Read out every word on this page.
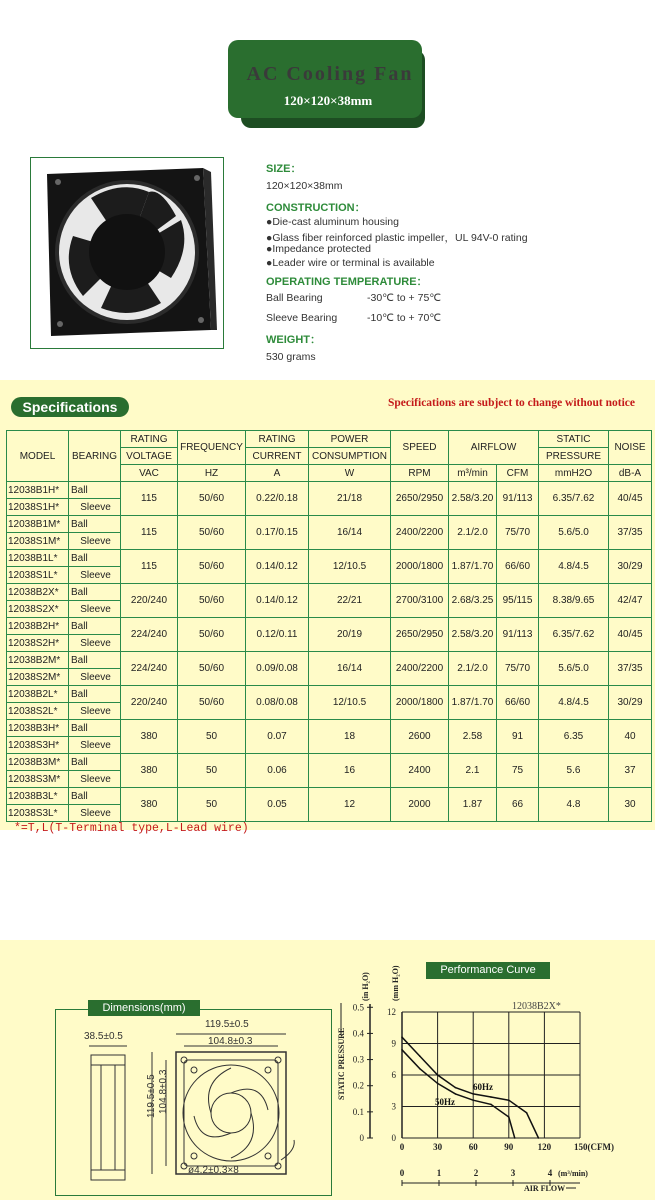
AC Cooling Fan
120×120×38mm
SIZE：
120×120×38mm
CONSTRUCTION：
●Die-cast aluminum housing
●Glass fiber reinforced plastic impeller，UL 94V-0 rating
●Impedance protected
●Leader wire or terminal is available
OPERATING TEMPERATURE：
Ball Bearing	-30℃ to + 75℃
Sleeve Bearing	-10℃ to + 70℃
WEIGHT：
530 grams
Specifications	Specifications are subject to change without notice
MODEL	BEARING	RATING	FREQUENCY	RATING	POWER	SPEED	AIRFLOW		STATIC	NOISE
		VOLTAGE		CURRENT	CONSUMPTION				PRESSURE	
		VAC	HZ	A	W	RPM	m³/min	CFM	mmH2O	dB-A
12038B1H*	Ball	115	50/60	0.22/0.18	21/18	2650/2950	2.58/3.20	91/113	6.35/7.62	40/45
12038S1H*	Sleeve									
12038B1M*	Ball	115	50/60	0.17/0.15	16/14	2400/2200	2.1/2.0	75/70	5.6/5.0	37/35
12038S1M*	Sleeve									
12038B1L*	Ball	115	50/60	0.14/0.12	12/10.5	2000/1800	1.87/1.70	66/60	4.8/4.5	30/29
12038S1L*	Sleeve									
12038B2X*	Ball	220/240	50/60	0.14/0.12	22/21	2700/3100	2.68/3.25	95/115	8.38/9.65	42/47
12038S2X*	Sleeve									
12038B2H*	Ball	224/240	50/60	0.12/0.11	20/19	2650/2950	2.58/3.20	91/113	6.35/7.62	40/45
12038S2H*	Sleeve									
12038B2M*	Ball	224/240	50/60	0.09/0.08	16/14	2400/2200	2.1/2.0	75/70	5.6/5.0	37/35
12038S2M*	Sleeve									
12038B2L*	Ball	220/240	50/60	0.08/0.08	12/10.5	2000/1800	1.87/1.70	66/60	4.8/4.5	30/29
12038S2L*	Sleeve									
12038B3H*	Ball	380	50	0.07	18	2600	2.58	91	6.35	40
12038S3H*	Sleeve									
12038B3M*	Ball	380	50	0.06	16	2400	2.1	75	5.6	37
12038S3M*	Sleeve									
12038B3L*	Ball	380	50	0.05	12	2000	1.87	66	4.8	30
12038S3L*	Sleeve									
*=T,L(T-Terminal type,L-Lead wire)
Dimensions(mm)
38.5±0.5
119.5±0.5
104.8±0.3
119.5±0.5 104.8±0.3
ø4.2±0.3×8
Performance Curve
0
0.1
0.2
0.3
0.4
0.5
0
3
6
9
12
0	30	60	90	120	150(CFM)
0	1	2	3	4 (m³/min)
AIR FLOW
STATIC PRESSURE
(in H₂O)	(mm H₂O)
12038B2X*
50Hz
60Hz
